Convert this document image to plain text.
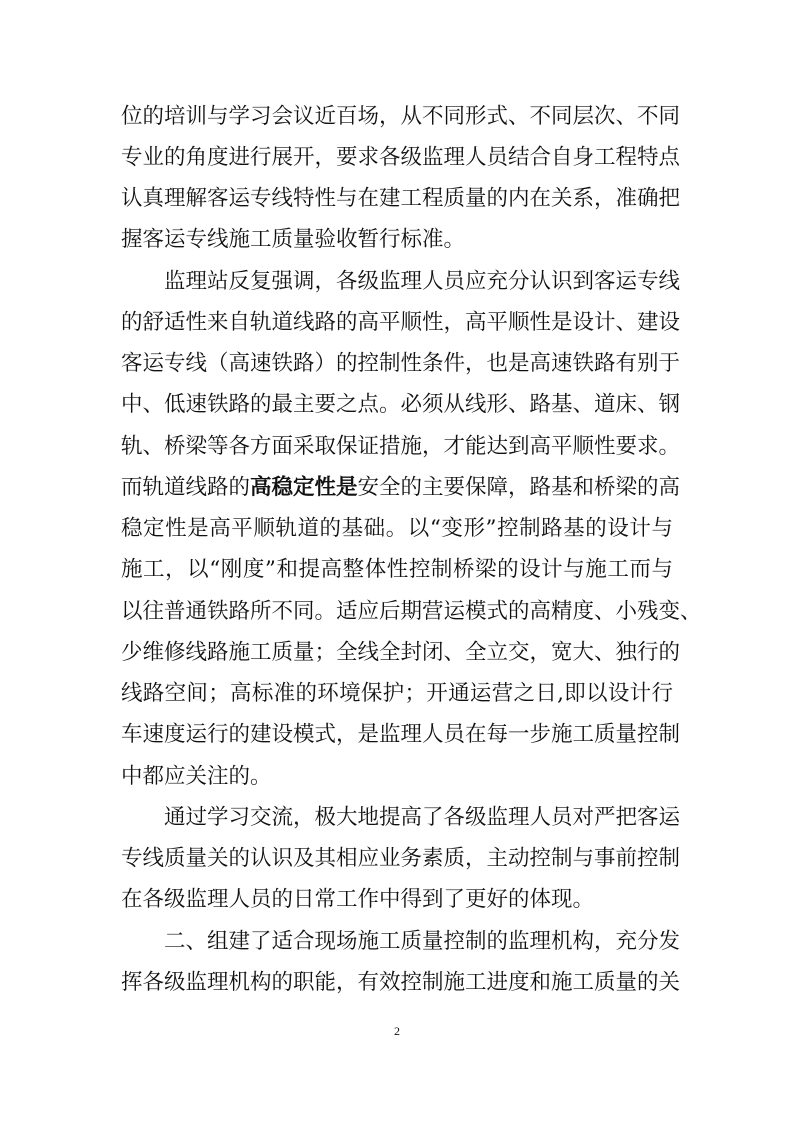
位的培训与学习会议近百场，从不同形式、不同层次、不同
专业的角度进行展开，要求各级监理人员结合自身工程特点
认真理解客运专线特性与在建工程质量的内在关系，准确把
握客运专线施工质量验收暂行标准。
监理站反复强调，各级监理人员应充分认识到客运专线
的舒适性来自轨道线路的高平顺性，高平顺性是设计、建设
客运专线（高速铁路）的控制性条件，也是高速铁路有别于
中、低速铁路的最主要之点。必须从线形、路基、道床、钢
轨、桥梁等各方面采取保证措施，才能达到高平顺性要求。
而轨道线路的高稳定性是安全的主要保障，路基和桥梁的高
稳定性是高平顺轨道的基础。以“变形”控制路基的设计与
施工，以“刚度”和提高整体性控制桥梁的设计与施工而与
以往普通铁路所不同。适应后期营运模式的高精度、小残变、
少维修线路施工质量；全线全封闭、全立交，宽大、独行的
线路空间；高标准的环境保护；开通运营之日,即以设计行
车速度运行的建设模式，是监理人员在每一步施工质量控制
中都应关注的。
通过学习交流，极大地提高了各级监理人员对严把客运
专线质量关的认识及其相应业务素质，主动控制与事前控制
在各级监理人员的日常工作中得到了更好的体现。
二、组建了适合现场施工质量控制的监理机构，充分发
挥各级监理机构的职能，有效控制施工进度和施工质量的关
2
